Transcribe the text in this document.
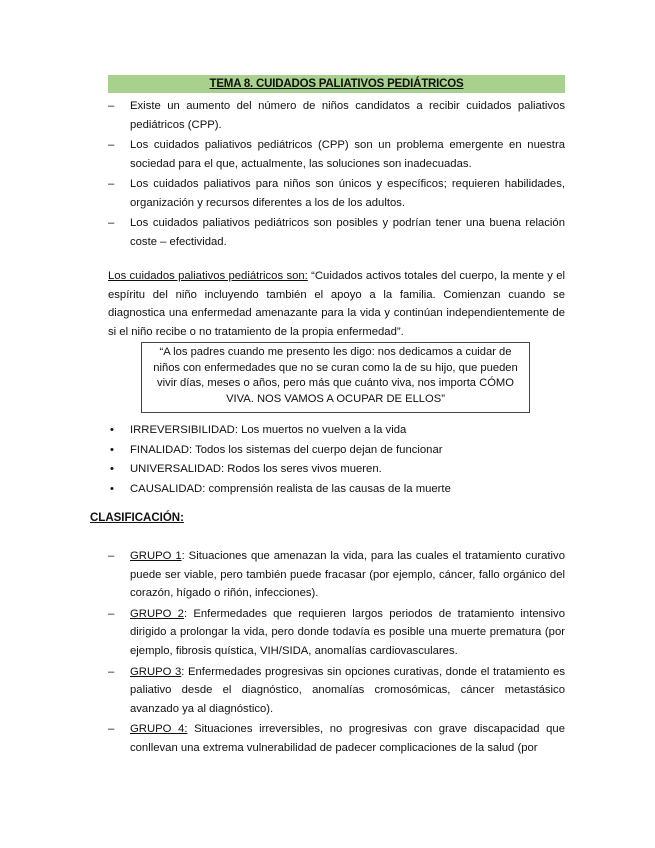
TEMA 8. CUIDADOS PALIATIVOS PEDIÁTRICOS
–	Existe un aumento del número de niños candidatos a recibir cuidados paliativos pediátricos (CPP).
–	Los cuidados paliativos pediátricos (CPP) son un problema emergente en nuestra sociedad para el que, actualmente, las soluciones son inadecuadas.
–	Los cuidados paliativos para niños son únicos y específicos; requieren habilidades, organización y recursos diferentes a los de los adultos.
–	Los cuidados paliativos pediátricos son posibles y podrían tener una buena relación coste – efectividad.

Los cuidados paliativos pediátricos son: “Cuidados activos totales del cuerpo, la mente y el espíritu del niño incluyendo también el apoyo a la familia. Comienzan cuando se diagnostica una enfermedad amenazante para la vida y continúan independientemente de si el niño recibe o no tratamiento de la propia enfermedad”.

“A los padres cuando me presento les digo: nos dedicamos a cuidar de niños con enfermedades que no se curan como la de su hijo, que pueden vivir días, meses o años, pero más que cuánto viva, nos importa CÓMO VIVA. NOS VAMOS A OCUPAR DE ELLOS”
• IRREVERSIBILIDAD: Los muertos no vuelven a la vida
• FINALIDAD: Todos los sistemas del cuerpo dejan de funcionar
• UNIVERSALIDAD: Rodos los seres vivos mueren.
• CAUSALIDAD: comprensión realista de las causas de la muerte
CLASIFICACIÓN:
– GRUPO 1: Situaciones que amenazan la vida, para las cuales el tratamiento curativo puede ser viable, pero también puede fracasar (por ejemplo, cáncer, fallo orgánico del corazón, hígado o riñón, infecciones).
– GRUPO 2: Enfermedades que requieren largos periodos de tratamiento intensivo dirigido a prolongar la vida, pero donde todavía es posible una muerte prematura (por ejemplo, fibrosis quística, VIH/SIDA, anomalías cardiovasculares.
– GRUPO 3: Enfermedades progresivas sin opciones curativas, donde el tratamiento es paliativo desde el diagnóstico, anomalías cromosómicas, cáncer metastásico avanzado ya al diagnóstico).
– GRUPO 4: Situaciones irreversibles, no progresivas con grave discapacidad que conllevan una extrema vulnerabilidad de padecer complicaciones de la salud (por
